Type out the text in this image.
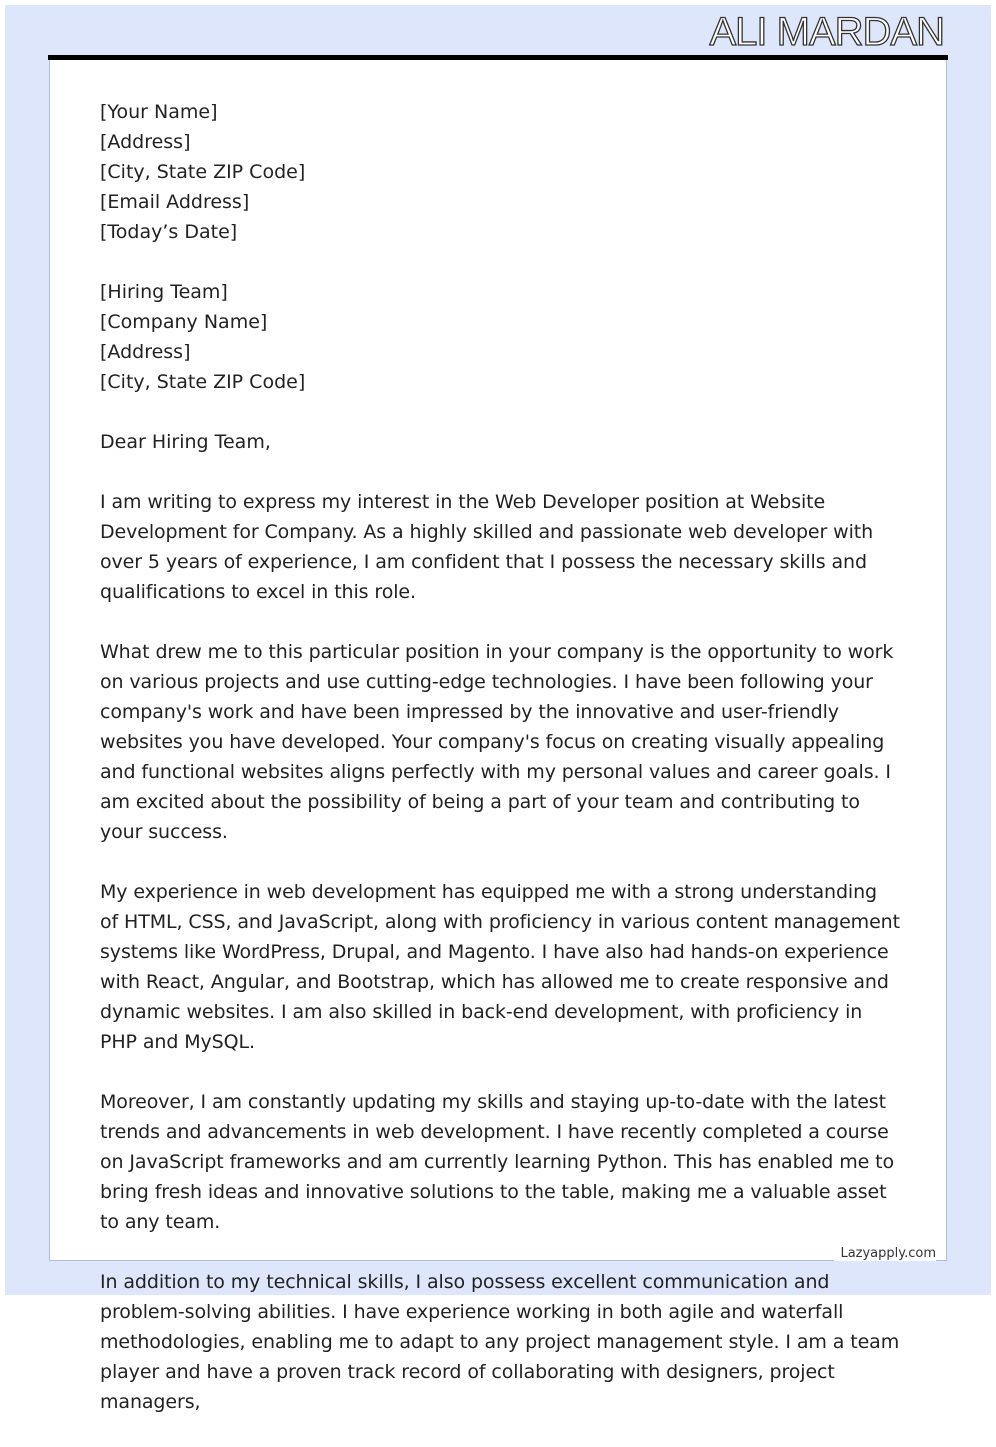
ALI MARDAN
[Your Name]
[Address]
[City, State ZIP Code]
[Email Address]
[Today’s Date]
[Hiring Team]
[Company Name]
[Address]
[City, State ZIP Code]
Dear Hiring Team,

I am writing to express my interest in the Web Developer position at Website Development for Company. As a highly skilled and passionate web developer with over 5 years of experience, I am confident that I possess the necessary skills and qualifications to excel in this role.

What drew me to this particular position in your company is the opportunity to work on various projects and use cutting-edge technologies. I have been following your company's work and have been impressed by the innovative and user-friendly websites you have developed. Your company's focus on creating visually appealing and functional websites aligns perfectly with my personal values and career goals. I am excited about the possibility of being a part of your team and contributing to your success.

My experience in web development has equipped me with a strong understanding of HTML, CSS, and JavaScript, along with proficiency in various content management systems like WordPress, Drupal, and Magento. I have also had hands-on experience with React, Angular, and Bootstrap, which has allowed me to create responsive and dynamic websites. I am also skilled in back-end development, with proficiency in PHP and MySQL.

Moreover, I am constantly updating my skills and staying up-to-date with the latest trends and advancements in web development. I have recently completed a course on JavaScript frameworks and am currently learning Python. This has enabled me to bring fresh ideas and innovative solutions to the table, making me a valuable asset to any team.

In addition to my technical skills, I also possess excellent communication and problem-solving abilities. I have experience working in both agile and waterfall methodologies, enabling me to adapt to any project management style. I am a team player and have a proven track record of collaborating with designers, project managers,

Lazyapply.com
